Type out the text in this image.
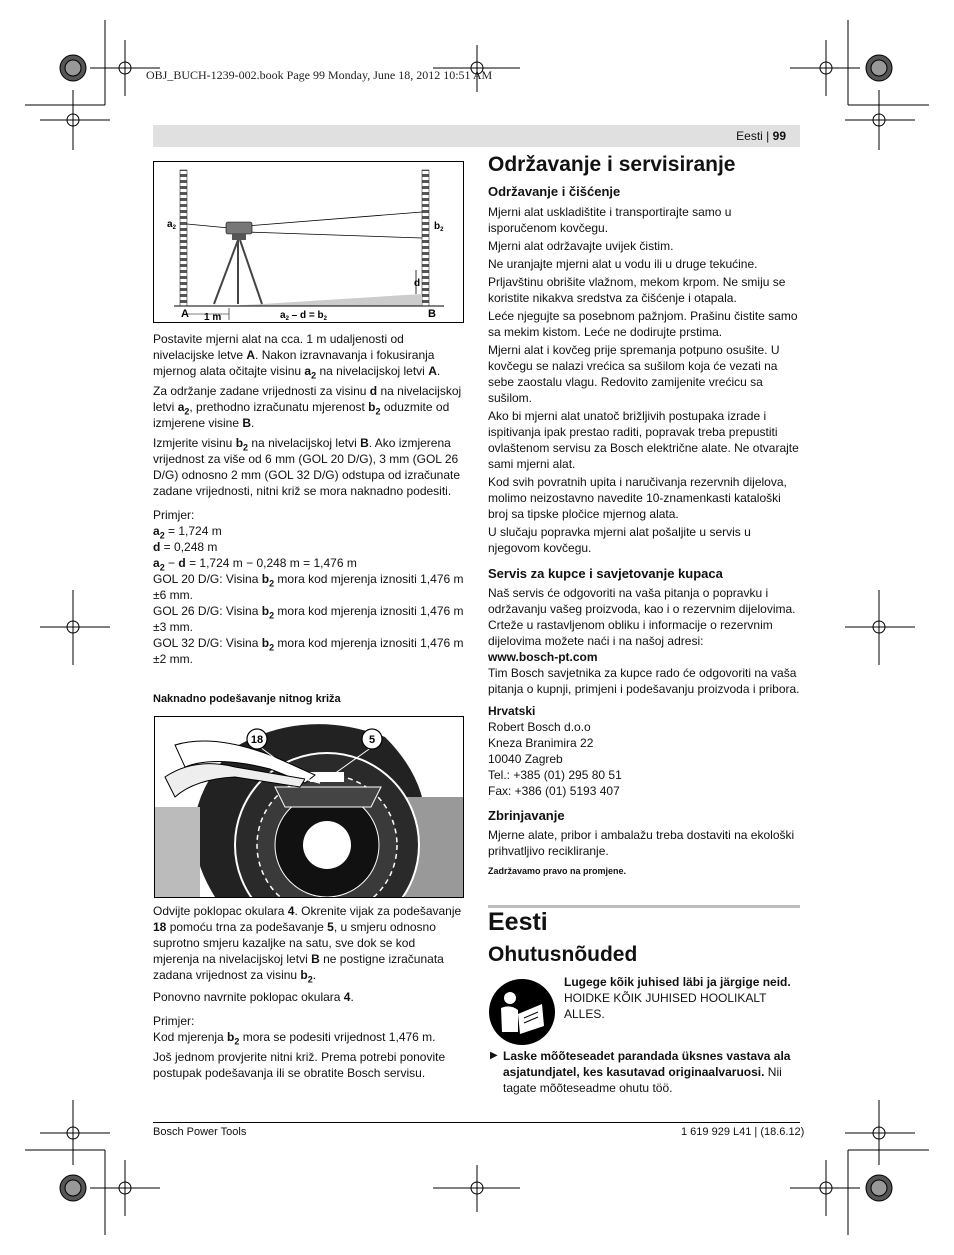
OBJ_BUCH-1239-002.book Page 99 Monday, June 18, 2012 10:51 AM
Eesti | 99
$a_2$	$b_2$
d
A	B
1 m	$a_2 - d = b_2$

Postavite mjerni alat na cca. 1 m udaljenosti od nivelacijske letve A. Nakon izravnavanja i fokusiranja mjernog alata očitajte visinu $a_2$ na nivelacijskoj letvi A.

Za održanje zadane vrijednosti za visinu d na nivelacijskoj letvi $a_2$, prethodno izračunatu mjerenost $b_2$ oduzmite od izmjerene visine B.

Izmjerite visinu $b_2$ na nivelacijskoj letvi B. Ako izmjerena vrijednost za više od 6 mm (GOL 20 D/G), 3 mm (GOL 26 D/G) odnosno 2 mm (GOL 32 D/G) odstupa od izračunate zadane vrijednosti, nitni križ se mora naknadno podesiti.

Primjer:

$a_2 = 1,724$ m

d = 0,248 m

$a_2 - d = 1,724$ m − 0,248 m = 1,476 m

GOL 20 D/G: Visina $b_2$ mora kod mjerenja iznositi 1,476 m ±6 mm.

GOL 26 D/G: Visina $b_2$ mora kod mjerenja iznositi 1,476 m ±3 mm.

GOL 32 D/G: Visina $b_2$ mora kod mjerenja iznositi 1,476 m ±2 mm.

Naknadno podešavanje nitnog križa
18	5

Odvijte poklopac okulara 4. Okrenite vijak za podešavanje 18 pomoću trna za podešavanje 5, u smjeru odnosno suprotno smjeru kazaljke na satu, sve dok se kod mjerenja na nivelacijskoj letvi B ne postigne izračunata zadana vrijednost za visinu $b_2$.

Ponovno navrnite poklopac okulara 4.

Primjer:

Kod mjerenja $b_2$ mora se podesiti vrijednost 1,476 m.

Još jednom provjerite nitni križ. Prema potrebi ponovite postupak podešavanja ili se obratite Bosch servisu.

Održavanje i servisiranje
Održavanje i čišćenje

Mjerni alat uskladištite i transportirajte samo u isporučenom kovčegu.

Mjerni alat održavajte uvijek čistim.

Ne uranjajte mjerni alat u vodu ili u druge tekućine.

Prljavštinu obrišite vlažnom, mekom krpom. Ne smiju se koristite nikakva sredstva za čišćenje i otapala.

Leće njegujte sa posebnom pažnjom. Prašinu čistite samo sa mekim kistom. Leće ne dodirujte prstima.

Mjerni alat i kovčeg prije spremanja potpuno osušite. U kovčegu se nalazi vrećica sa sušilom koja će vezati na sebe zaostalu vlagu. Redovito zamijenite vrećicu sa sušilom.

Ako bi mjerni alat unatoč brižljivih postupaka izrade i ispitivanja ipak prestao raditi, popravak treba prepustiti ovlaštenom servisu za Bosch električne alate. Ne otvarajte sami mjerni alat.

Kod svih povratnih upita i naručivanja rezervnih dijelova, molimo neizostavno navedite 10-znamenkasti kataloški broj sa tipske pločice mjernog alata.

U slučaju popravka mjerni alat pošaljite u servis u njegovom kovčegu.

Servis za kupce i savjetovanje kupaca

Naš servis će odgovoriti na vaša pitanja o popravku i održavanju vašeg proizvoda, kao i o rezervnim dijelovima. Crteže u rastavljenom obliku i informacije o rezervnim dijelovima možete naći i na našoj adresi:

www.bosch-pt.com

Tim Bosch savjetnika za kupce rado će odgovoriti na vaša pitanja o kupnji, primjeni i podešavanju proizvoda i pribora.

Hrvatski

Robert Bosch d.o.o

Kneza Branimira 22

10040 Zagreb

Tel.: +385 (01) 295 80 51

Fax: +386 (01) 5193 407

Zbrinjavanje

Mjerne alate, pribor i ambalažu treba dostaviti na ekološki prihvatljivo recikliranje.

Zadržavamo pravo na promjene.

Eesti
Ohutusnõuded

Lugege kõik juhised läbi ja järgige neid.

HOIDKE KÕIK JUHISED HOOLIKALT ALLES.

▶ Laske mõõteseadet parandada üksnes vastava ala asjatundjatel, kes kasutavad originaalvaruosi. Nii tagate mõõteseadme ohutu töö.

Bosch Power Tools	1 619 929 L41 | (18.6.12)
